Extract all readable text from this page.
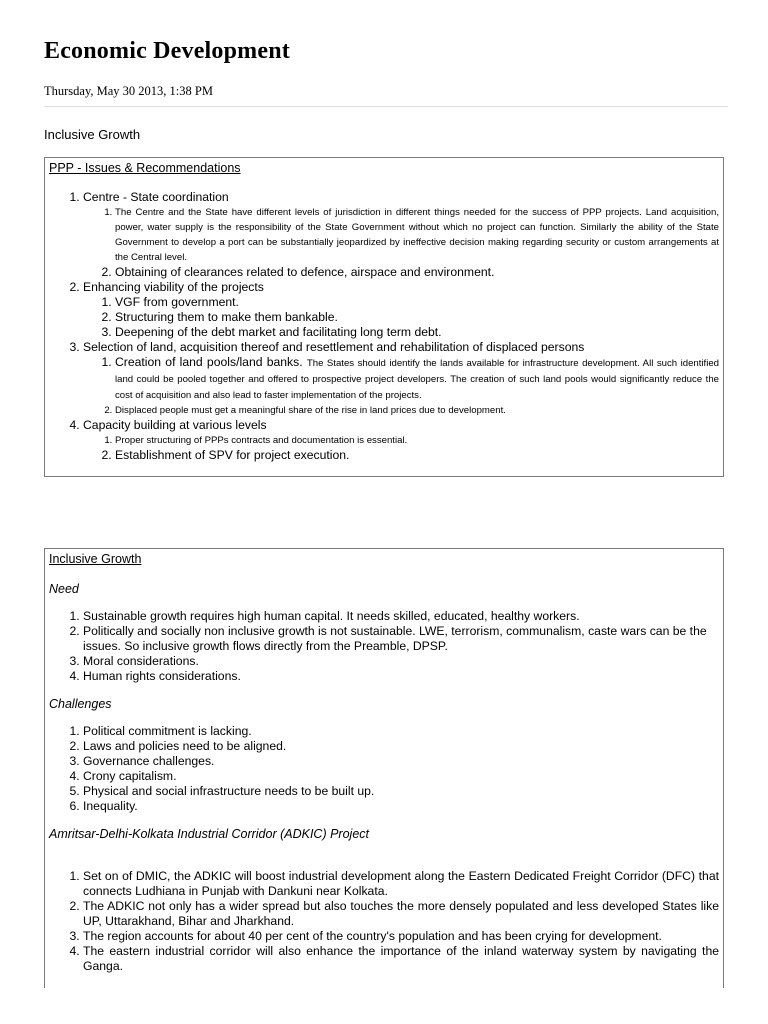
Economic Development
Thursday, May 30 2013, 1:38 PM
Inclusive Growth
PPP - Issues & Recommendations
1. Centre - State coordination
1. The Centre and the State have different levels of jurisdiction in different things needed for the success of PPP projects. Land acquisition, power, water supply is the responsibility of the State Government without which no project can function. Similarly the ability of the State Government to develop a port can be substantially jeopardized by ineffective decision making regarding security or custom arrangements at the Central level.
2. Obtaining of clearances related to defence, airspace and environment.
2. Enhancing viability of the projects
1. VGF from government.
2. Structuring them to make them bankable.
3. Deepening of the debt market and facilitating long term debt.
3. Selection of land, acquisition thereof and resettlement and rehabilitation of displaced persons
1. Creation of land pools/land banks. The States should identify the lands available for infrastructure development. All such identified land could be pooled together and offered to prospective project developers. The creation of such land pools would significantly reduce the cost of acquisition and also lead to faster implementation of the projects.
2. Displaced people must get a meaningful share of the rise in land prices due to development.
4. Capacity building at various levels
1. Proper structuring of PPPs contracts and documentation is essential.
2. Establishment of SPV for project execution.
Inclusive Growth
Need
1. Sustainable growth requires high human capital. It needs skilled, educated, healthy workers.
2. Politically and socially non inclusive growth is not sustainable. LWE, terrorism, communalism, caste wars can be the issues. So inclusive growth flows directly from the Preamble, DPSP.
3. Moral considerations.
4. Human rights considerations.
Challenges
1. Political commitment is lacking.
2. Laws and policies need to be aligned.
3. Governance challenges.
4. Crony capitalism.
5. Physical and social infrastructure needs to be built up.
6. Inequality.
Amritsar-Delhi-Kolkata Industrial Corridor (ADKIC) Project
1. Set on of DMIC, the ADKIC will boost industrial development along the Eastern Dedicated Freight Corridor (DFC) that connects Ludhiana in Punjab with Dankuni near Kolkata.
2. The ADKIC not only has a wider spread but also touches the more densely populated and less developed States like UP, Uttarakhand, Bihar and Jharkhand.
3. The region accounts for about 40 per cent of the country's population and has been crying for development.
4. The eastern industrial corridor will also enhance the importance of the inland waterway system by navigating the Ganga.
